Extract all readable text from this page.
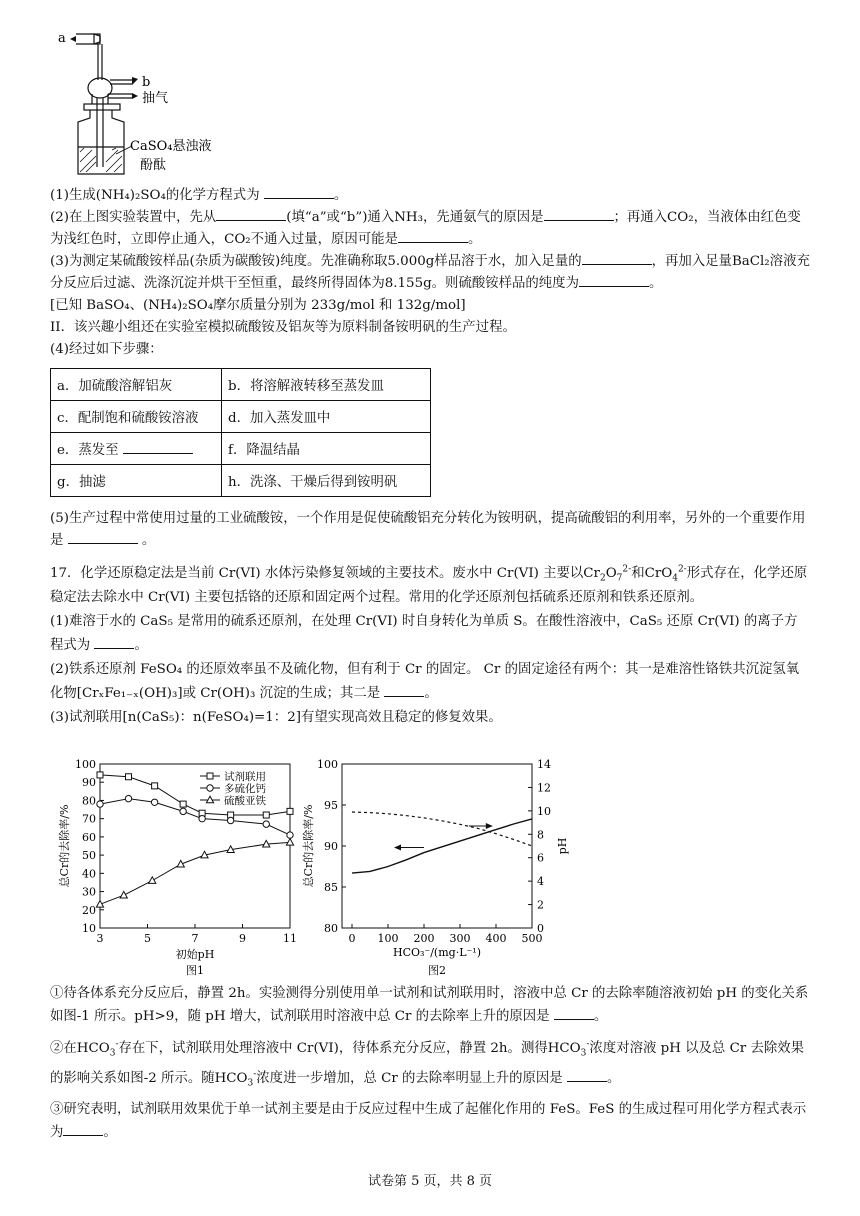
a
b
抽气
CaSO₄悬浊液
酚酞

(1)生成(NH₄)₂SO₄的化学方程式为	。

(2)在上图实验装置中，先从	(填“a”或“b”)通入NH₃，先通氨气的原因是	；再通入CO₂，当液体由红色变为浅红色时，立即停止通入，CO₂不通入过量，原因可能是	。

(3)为测定某硫酸铵样品(杂质为碳酸铵)纯度。先准确称取5.000g样品溶于水，加入足量的	，再加入足量BaCl₂溶液充分反应后过滤、洗涤沉淀并烘干至恒重，最终所得固体为8.155g。则硫酸铵样品的纯度为	。

[已知 BaSO₄、(NH₄)₂SO₄摩尔质量分别为 233g/mol 和 132g/mol]

II．该兴趣小组还在实验室模拟硫酸铵及铝灰等为原料制备铵明矾的生产过程。

(4)经过如下步骤：

a．加硫酸溶解铝灰	b．将溶解液转移至蒸发皿
c．配制饱和硫酸铵溶液	d．加入蒸发皿中
e．蒸发至	f．降温结晶
g．抽滤	h．洗涤、干燥后得到铵明矾

(5)生产过程中常使用过量的工业硫酸铵，一个作用是促使硫酸铝充分转化为铵明矾，提高硫酸铝的利用率，另外的一个重要作用是	。

17．化学还原稳定法是当前 Cr(VI) 水体污染修复领域的主要技术。废水中 Cr(VI) 主要以$Cr_2O_7^{2-}$和CrO$_4^{2-}$形式存在，化学还原稳定法去除水中 Cr(VI) 主要包括铬的还原和固定两个过程。常用的化学还原剂包括硫系还原剂和铁系还原剂。

(1)难溶于水的 CaS₅ 是常用的硫系还原剂，在处理 Cr(VI) 时自身转化为单质 S。在酸性溶液中，CaS₅ 还原 Cr(VI) 的离子方程式为	。

(2)铁系还原剂 FeSO₄ 的还原效率虽不及硫化物，但有利于 Cr 的固定。 Cr 的固定途径有两个：其一是难溶性铬铁共沉淀氢氧化物[CrₓFe₁₋ₓ(OH)₃]或 Cr(OH)₃ 沉淀的生成；其二是	。

(3)试剂联用[n(CaS₅)：n(FeSO₄)=1：2]有望实现高效且稳定的修复效果。

10
20
30
40
50
60
70
80
90
100
3	5	7	9	11
总Cr的去除率/%
初始pH
图1
试剂联用
多硫化钙
硫酸亚铁
80
85
90
95
100
0
2
4
6
8
10
12
14
0 100 200 300 400 500
总Cr的去除率/%	pH
HCO₃⁻/(mg·L⁻¹)
图2

①待各体系充分反应后，静置 2h。实验测得分别使用单一试剂和试剂联用时，溶液中总 Cr 的去除率随溶液初始 pH 的变化关系如图-1 所示。pH>9，随 pH 增大，试剂联用时溶液中总 Cr 的去除率上升的原因是	。

②在$HCO_3^-$存在下，试剂联用处理溶液中 Cr(VI)，待体系充分反应，静置 2h。测得$HCO_3^-$浓度对溶液 pH 以及总 Cr 去除效果的影响关系如图-2 所示。随$HCO_3^-$浓度进一步增加，总 Cr 的去除率明显上升的原因是	。

③研究表明，试剂联用效果优于单一试剂主要是由于反应过程中生成了起催化作用的 FeS。FeS 的生成过程可用化学方程式表示为	。

试卷第 5 页，共 8 页
